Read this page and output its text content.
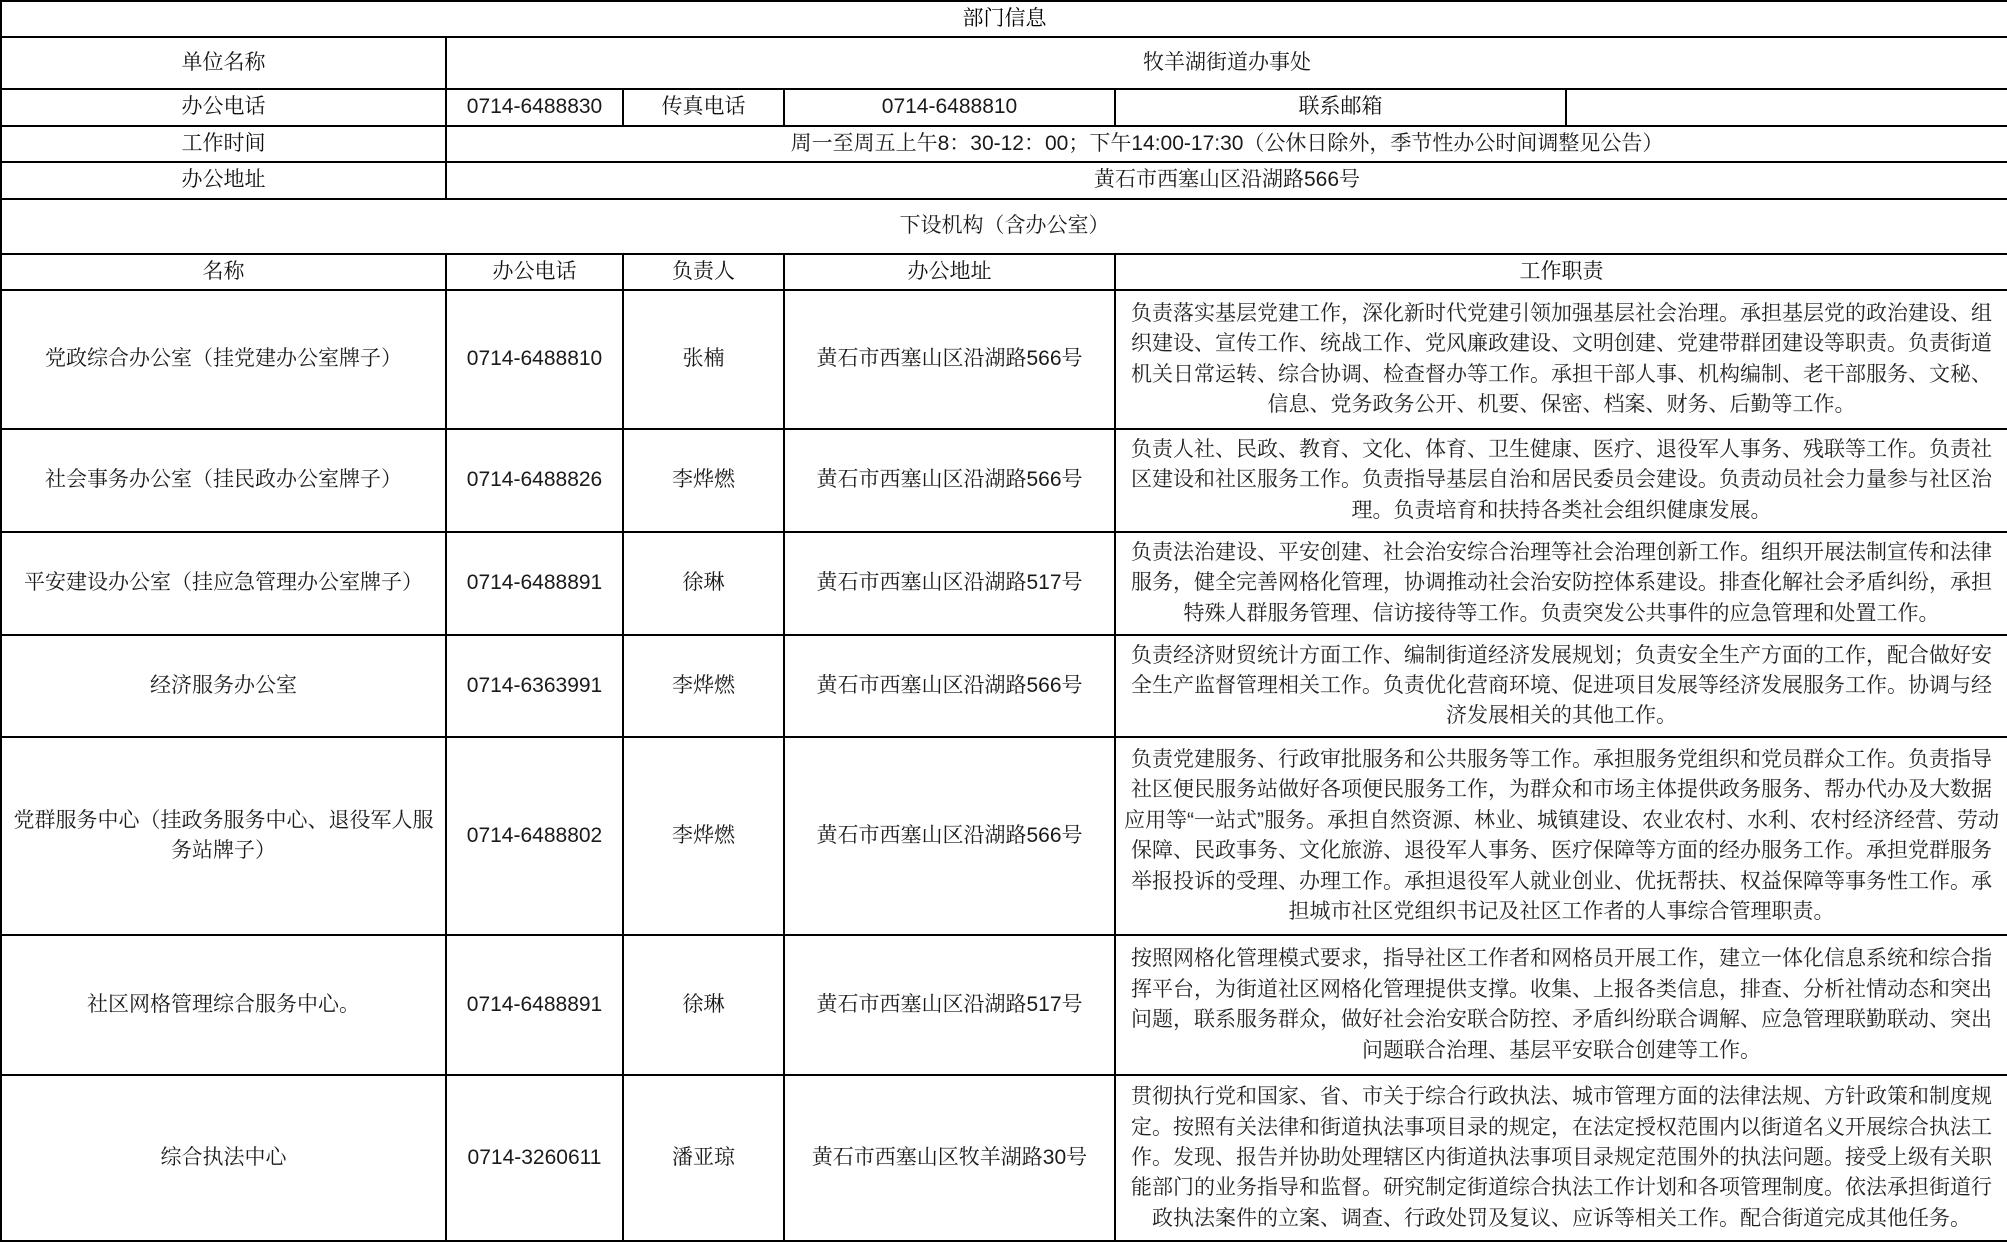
部门信息					
单位名称	牧羊湖街道办事处				
办公电话	0714-6488830	传真电话	0714-6488810	联系邮箱	
工作时间	周一至周五上午8：30-12：00；下午14:00-17:30（公休日除外，季节性办公时间调整见公告）				
办公地址	黄石市西塞山区沿湖路566号				
下设机构（含办公室）					
名称	办公电话	负责人	办公地址	工作职责	
党政综合办公室（挂党建办公室牌子）	0714-6488810	张楠	黄石市西塞山区沿湖路566号	负责落实基层党建工作，深化新时代党建引领加强基层社会治理。承担基层党的政治建设、组织建设、宣传工作、统战工作、党风廉政建设、文明创建、党建带群团建设等职责。负责街道机关日常运转、综合协调、检查督办等工作。承担干部人事、机构编制、老干部服务、文秘、信息、党务政务公开、机要、保密、档案、财务、后勤等工作。	
社会事务办公室（挂民政办公室牌子）	0714-6488826	李烨燃	黄石市西塞山区沿湖路566号	负责人社、民政、教育、文化、体育、卫生健康、医疗、退役军人事务、残联等工作。负责社区建设和社区服务工作。负责指导基层自治和居民委员会建设。负责动员社会力量参与社区治理。负责培育和扶持各类社会组织健康发展。	
平安建设办公室（挂应急管理办公室牌子）	0714-6488891	徐琳	黄石市西塞山区沿湖路517号	负责法治建设、平安创建、社会治安综合治理等社会治理创新工作。组织开展法制宣传和法律服务，健全完善网格化管理，协调推动社会治安防控体系建设。排查化解社会矛盾纠纷，承担特殊人群服务管理、信访接待等工作。负责突发公共事件的应急管理和处置工作。	
经济服务办公室	0714-6363991	李烨燃	黄石市西塞山区沿湖路566号	负责经济财贸统计方面工作、编制街道经济发展规划；负责安全生产方面的工作，配合做好安全生产监督管理相关工作。负责优化营商环境、促进项目发展等经济发展服务工作。协调与经济发展相关的其他工作。	
党群服务中心（挂政务服务中心、退役军人服务站牌子）	0714-6488802	李烨燃	黄石市西塞山区沿湖路566号	负责党建服务、行政审批服务和公共服务等工作。承担服务党组织和党员群众工作。负责指导社区便民服务站做好各项便民服务工作，为群众和市场主体提供政务服务、帮办代办及大数据应用等“一站式”服务。承担自然资源、林业、城镇建设、农业农村、水利、农村经济经营、劳动保障、民政事务、文化旅游、退役军人事务、医疗保障等方面的经办服务工作。承担党群服务举报投诉的受理、办理工作。承担退役军人就业创业、优抚帮扶、权益保障等事务性工作。承担城市社区党组织书记及社区工作者的人事综合管理职责。	
社区网格管理综合服务中心。	0714-6488891	徐琳	黄石市西塞山区沿湖路517号	按照网格化管理模式要求，指导社区工作者和网格员开展工作，建立一体化信息系统和综合指挥平台，为街道社区网格化管理提供支撑。收集、上报各类信息，排查、分析社情动态和突出问题，联系服务群众，做好社会治安联合防控、矛盾纠纷联合调解、应急管理联勤联动、突出问题联合治理、基层平安联合创建等工作。	
综合执法中心	0714-3260611	潘亚琼	黄石市西塞山区牧羊湖路30号	贯彻执行党和国家、省、市关于综合行政执法、城市管理方面的法律法规、方针政策和制度规定。按照有关法律和街道执法事项目录的规定，在法定授权范围内以街道名义开展综合执法工作。发现、报告并协助处理辖区内街道执法事项目录规定范围外的执法问题。接受上级有关职能部门的业务指导和监督。研究制定街道综合执法工作计划和各项管理制度。依法承担街道行政执法案件的立案、调查、行政处罚及复议、应诉等相关工作。配合街道完成其他任务。	
